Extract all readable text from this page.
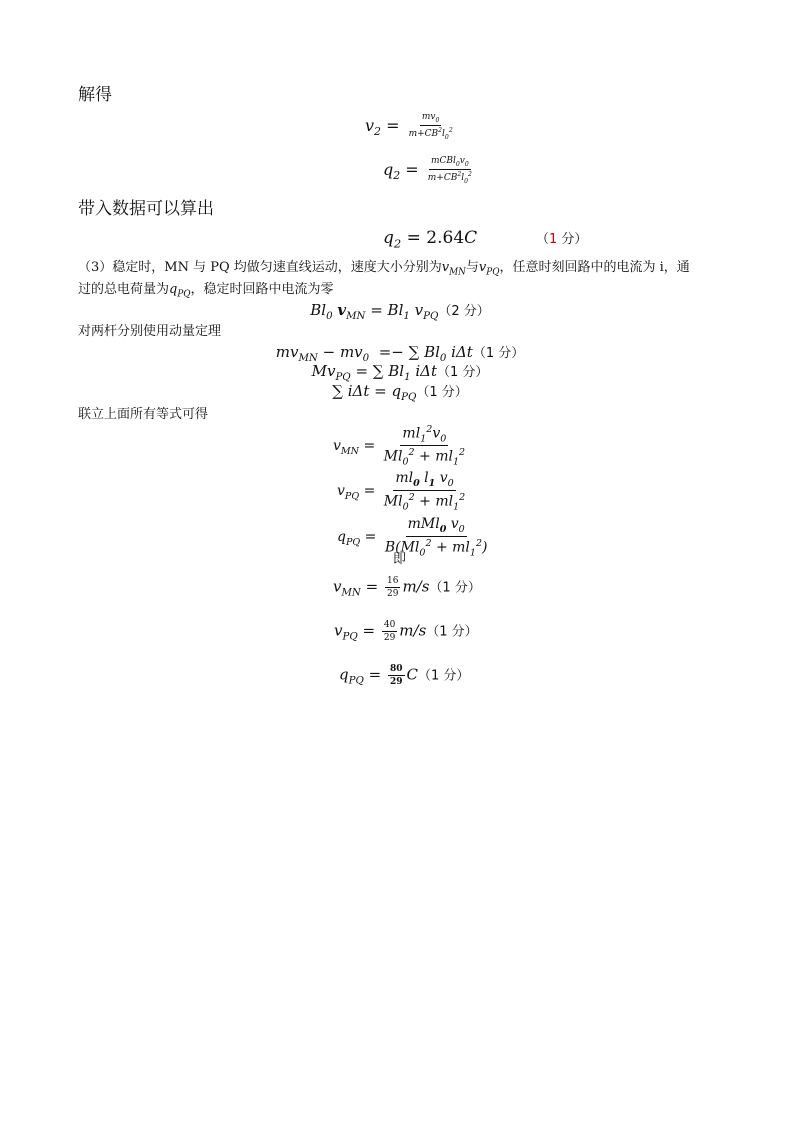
解得
$v_2 = \frac{mv_0}{m+CB^2l_0^2}$
$q_2$ = $mCBl_0v_0$
$m+CB^2l_0^2$
带入数据可以算出
$q_2 = 2.64C$	（1 分）
（3）稳定时，MN 与 PQ 均做匀速直线运动，速度大小分别为$v_{MN}$与$v_{PQ}$，任意时刻回路中的电流为 i，通
过的总电荷量为$q_{PQ}$，稳定时回路中电流为零
$Bl_0$ $v_{MN} = Bl_1$ $v_{PQ}(2$ 分）
对两杆分别使用动量定理
$mv_{MN} - mv_0$  =− ∑ $Bl_0$ iΔt（1 分）
$Mv_{PQ}$ = ∑ $Bl_1$ iΔt（1 分）
∑ $i\Delta t = q_{PQ}(1$ 分）
联立上面所有等式可得
$v_{MN} = \frac{ml_1^2v_0}{Ml_0^2 + ml_1^2}$
$v_{PQ} = \frac{ml_0 l_1 v_0}{Ml_0^2 + ml_1^2}$
$q_{PQ}$ =
mMl$_0$ $v_0$
$B(Ml_0^2 + ml_1^2)$
即
$v_{MN} = \frac{16}{29} m/s(1$ 分）
$v_{PQ} = \frac{40}{29} m/s(1$ 分）
$q_{PQ} = \frac{80}{29} C(1$ 分）
